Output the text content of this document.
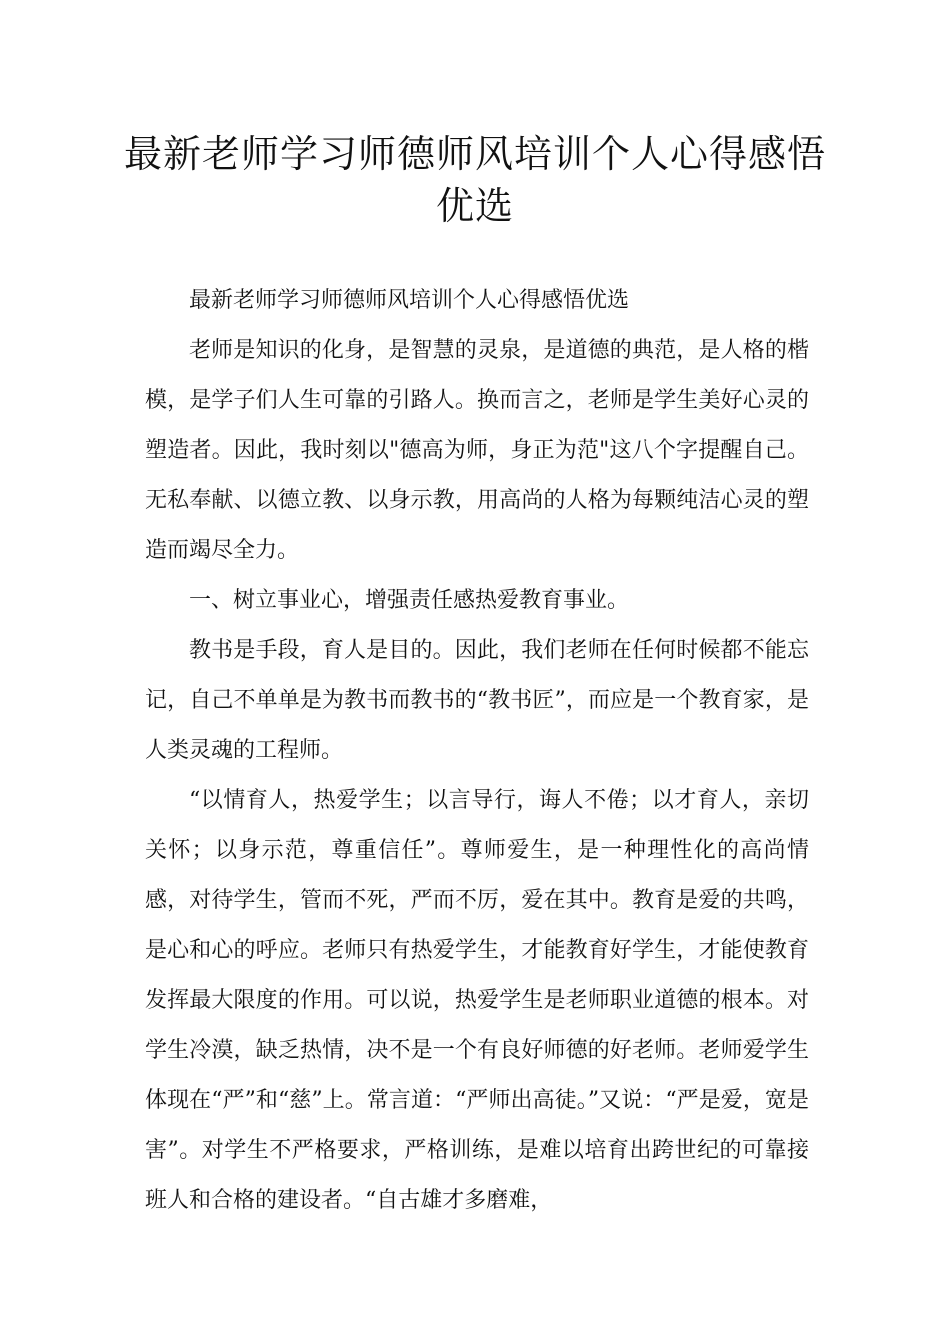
最新老师学习师德师风培训个人心得感悟优选

最新老师学习师德师风培训个人心得感悟优选

老师是知识的化身，是智慧的灵泉，是道德的典范，是人格的楷模，是学子们人生可靠的引路人。换而言之，老师是学生美好心灵的塑造者。因此，我时刻以"德高为师，身正为范"这八个字提醒自己。无私奉献、以德立教、以身示教，用高尚的人格为每颗纯洁心灵的塑造而竭尽全力。

一、树立事业心，增强责任感热爱教育事业。

教书是手段，育人是目的。因此，我们老师在任何时候都不能忘记，自己不单单是为教书而教书的“教书匠”，而应是一个教育家，是人类灵魂的工程师。

“以情育人，热爱学生；以言导行，诲人不倦；以才育人，亲切关怀；以身示范，尊重信任”。尊师爱生，是一种理性化的高尚情感，对待学生，管而不死，严而不厉，爱在其中。教育是爱的共鸣，是心和心的呼应。老师只有热爱学生，才能教育好学生，才能使教育发挥最大限度的作用。可以说，热爱学生是老师职业道德的根本。对学生冷漠，缺乏热情，决不是一个有良好师德的好老师。老师爱学生体现在“严”和“慈”上。常言道：“严师出高徒。”又说：“严是爱，宽是害”。对学生不严格要求，严格训练，是难以培育出跨世纪的可靠接班人和合格的建设者。“自古雄才多磨难，
